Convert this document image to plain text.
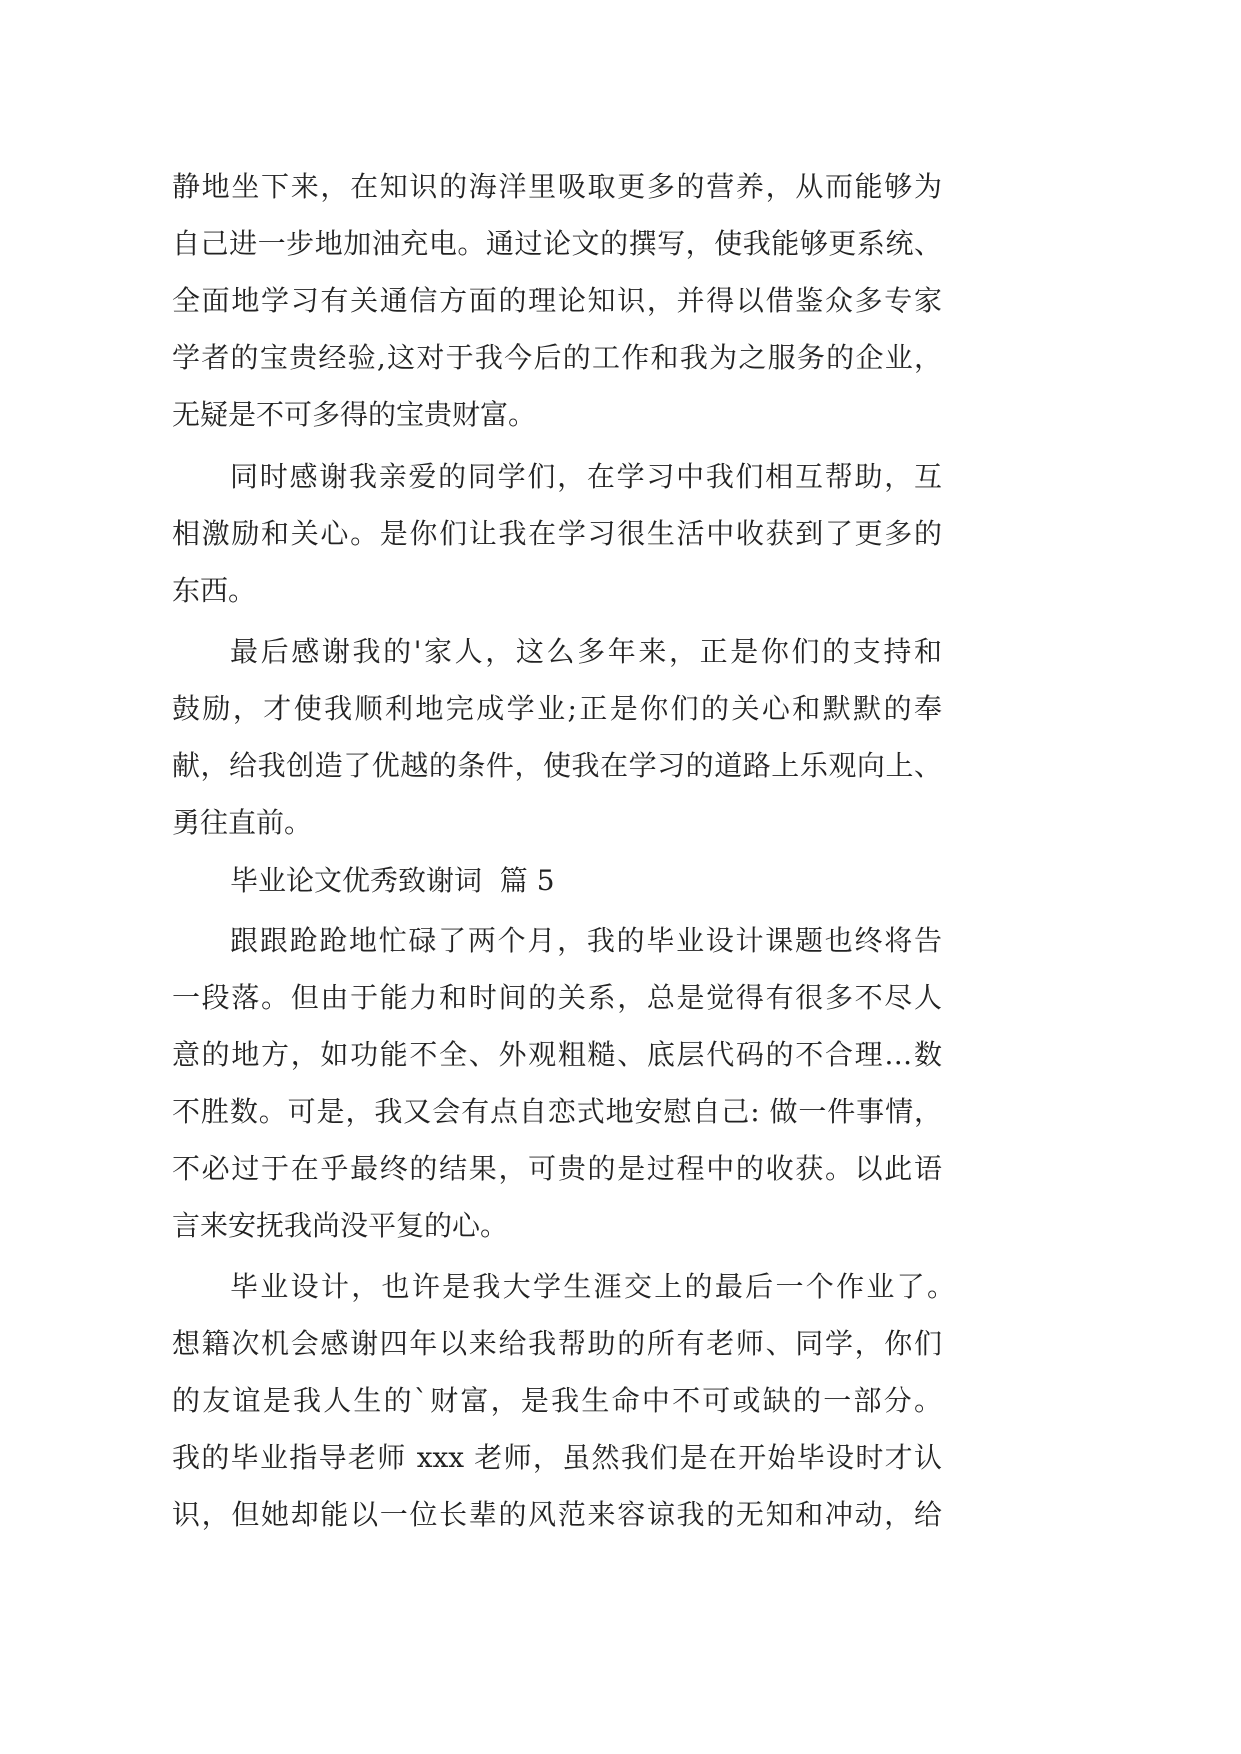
静地坐下来，在知识的海洋里吸取更多的营养，从而能够为
自己进一步地加油充电。通过论文的撰写，使我能够更系统、
全面地学习有关通信方面的理论知识，并得以借鉴众多专家
学者的宝贵经验,这对于我今后的工作和我为之服务的企业，
无疑是不可多得的宝贵财富。
同时感谢我亲爱的同学们，在学习中我们相互帮助，互
相激励和关心。是你们让我在学习很生活中收获到了更多的
东西。
最后感谢我的'家人，这么多年来，正是你们的支持和
鼓励，才使我顺利地完成学业;正是你们的关心和默默的奉
献，给我创造了优越的条件，使我在学习的道路上乐观向上、
勇往直前。
毕业论文优秀致谢词  篇 5
跟跟跄跄地忙碌了两个月，我的毕业设计课题也终将告
一段落。但由于能力和时间的关系，总是觉得有很多不尽人
意的地方，如功能不全、外观粗糙、底层代码的不合理…数
不胜数。可是，我又会有点自恋式地安慰自己: 做一件事情，
不必过于在乎最终的结果，可贵的是过程中的收获。以此语
言来安抚我尚没平复的心。
毕业设计，也许是我大学生涯交上的最后一个作业了。
想籍次机会感谢四年以来给我帮助的所有老师、同学，你们
的友谊是我人生的`财富，是我生命中不可或缺的一部分。
我的毕业指导老师 xxx 老师，虽然我们是在开始毕设时才认
识，但她却能以一位长辈的风范来容谅我的无知和冲动，给
